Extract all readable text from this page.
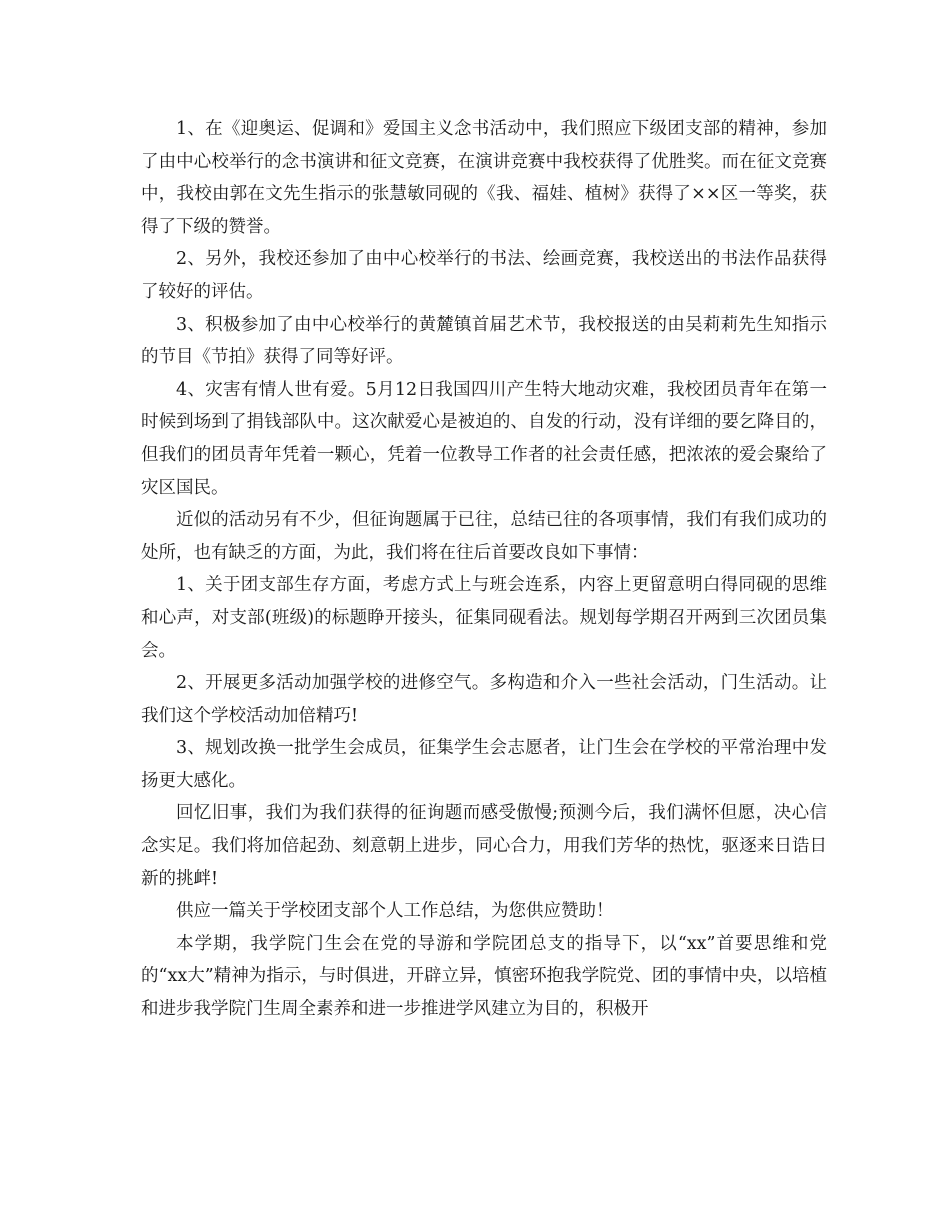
1、在《迎奥运、促调和》爱国主义念书活动中，我们照应下级团支部的精神，参加了由中心校举行的念书演讲和征文竞赛，在演讲竞赛中我校获得了优胜奖。而在征文竞赛中，我校由郭在文先生指示的张慧敏同砚的《我、福娃、植树》获得了××区一等奖，获得了下级的赞誉。

2、另外，我校还参加了由中心校举行的书法、绘画竞赛，我校送出的书法作品获得了较好的评估。

3、积极参加了由中心校举行的黄麓镇首届艺术节，我校报送的由吴莉莉先生知指示的节目《节拍》获得了同等好评。

4、灾害有情人世有爱。5月12日我国四川产生特大地动灾难，我校团员青年在第一时候到场到了捐钱部队中。这次献爱心是被迫的、自发的行动，没有详细的要乞降目的，但我们的团员青年凭着一颗心，凭着一位教导工作者的社会责任感，把浓浓的爱会聚给了灾区国民。

近似的活动另有不少，但征询题属于已往，总结已往的各项事情，我们有我们成功的处所，也有缺乏的方面，为此，我们将在往后首要改良如下事情：

1、关于团支部生存方面，考虑方式上与班会连系，内容上更留意明白得同砚的思维和心声，对支部(班级)的标题睁开接头，征集同砚看法。规划每学期召开两到三次团员集会。

2、开展更多活动加强学校的进修空气。多构造和介入一些社会活动，门生活动。让我们这个学校活动加倍精巧!

3、规划改换一批学生会成员，征集学生会志愿者，让门生会在学校的平常治理中发扬更大感化。

回忆旧事，我们为我们获得的征询题而感受傲慢;预测今后，我们满怀但愿，决心信念实足。我们将加倍起劲、刻意朝上进步，同心合力，用我们芳华的热忱，驱逐来日诰日新的挑衅!

供应一篇关于学校团支部个人工作总结，为您供应赞助！

本学期，我学院门生会在党的导游和学院团总支的指导下，以“xx”首要思维和党的“xx大”精神为指示，与时俱进，开辟立异，慎密环抱我学院党、团的事情中央，以培植和进步我学院门生周全素养和进一步推进学风建立为目的，积极开
